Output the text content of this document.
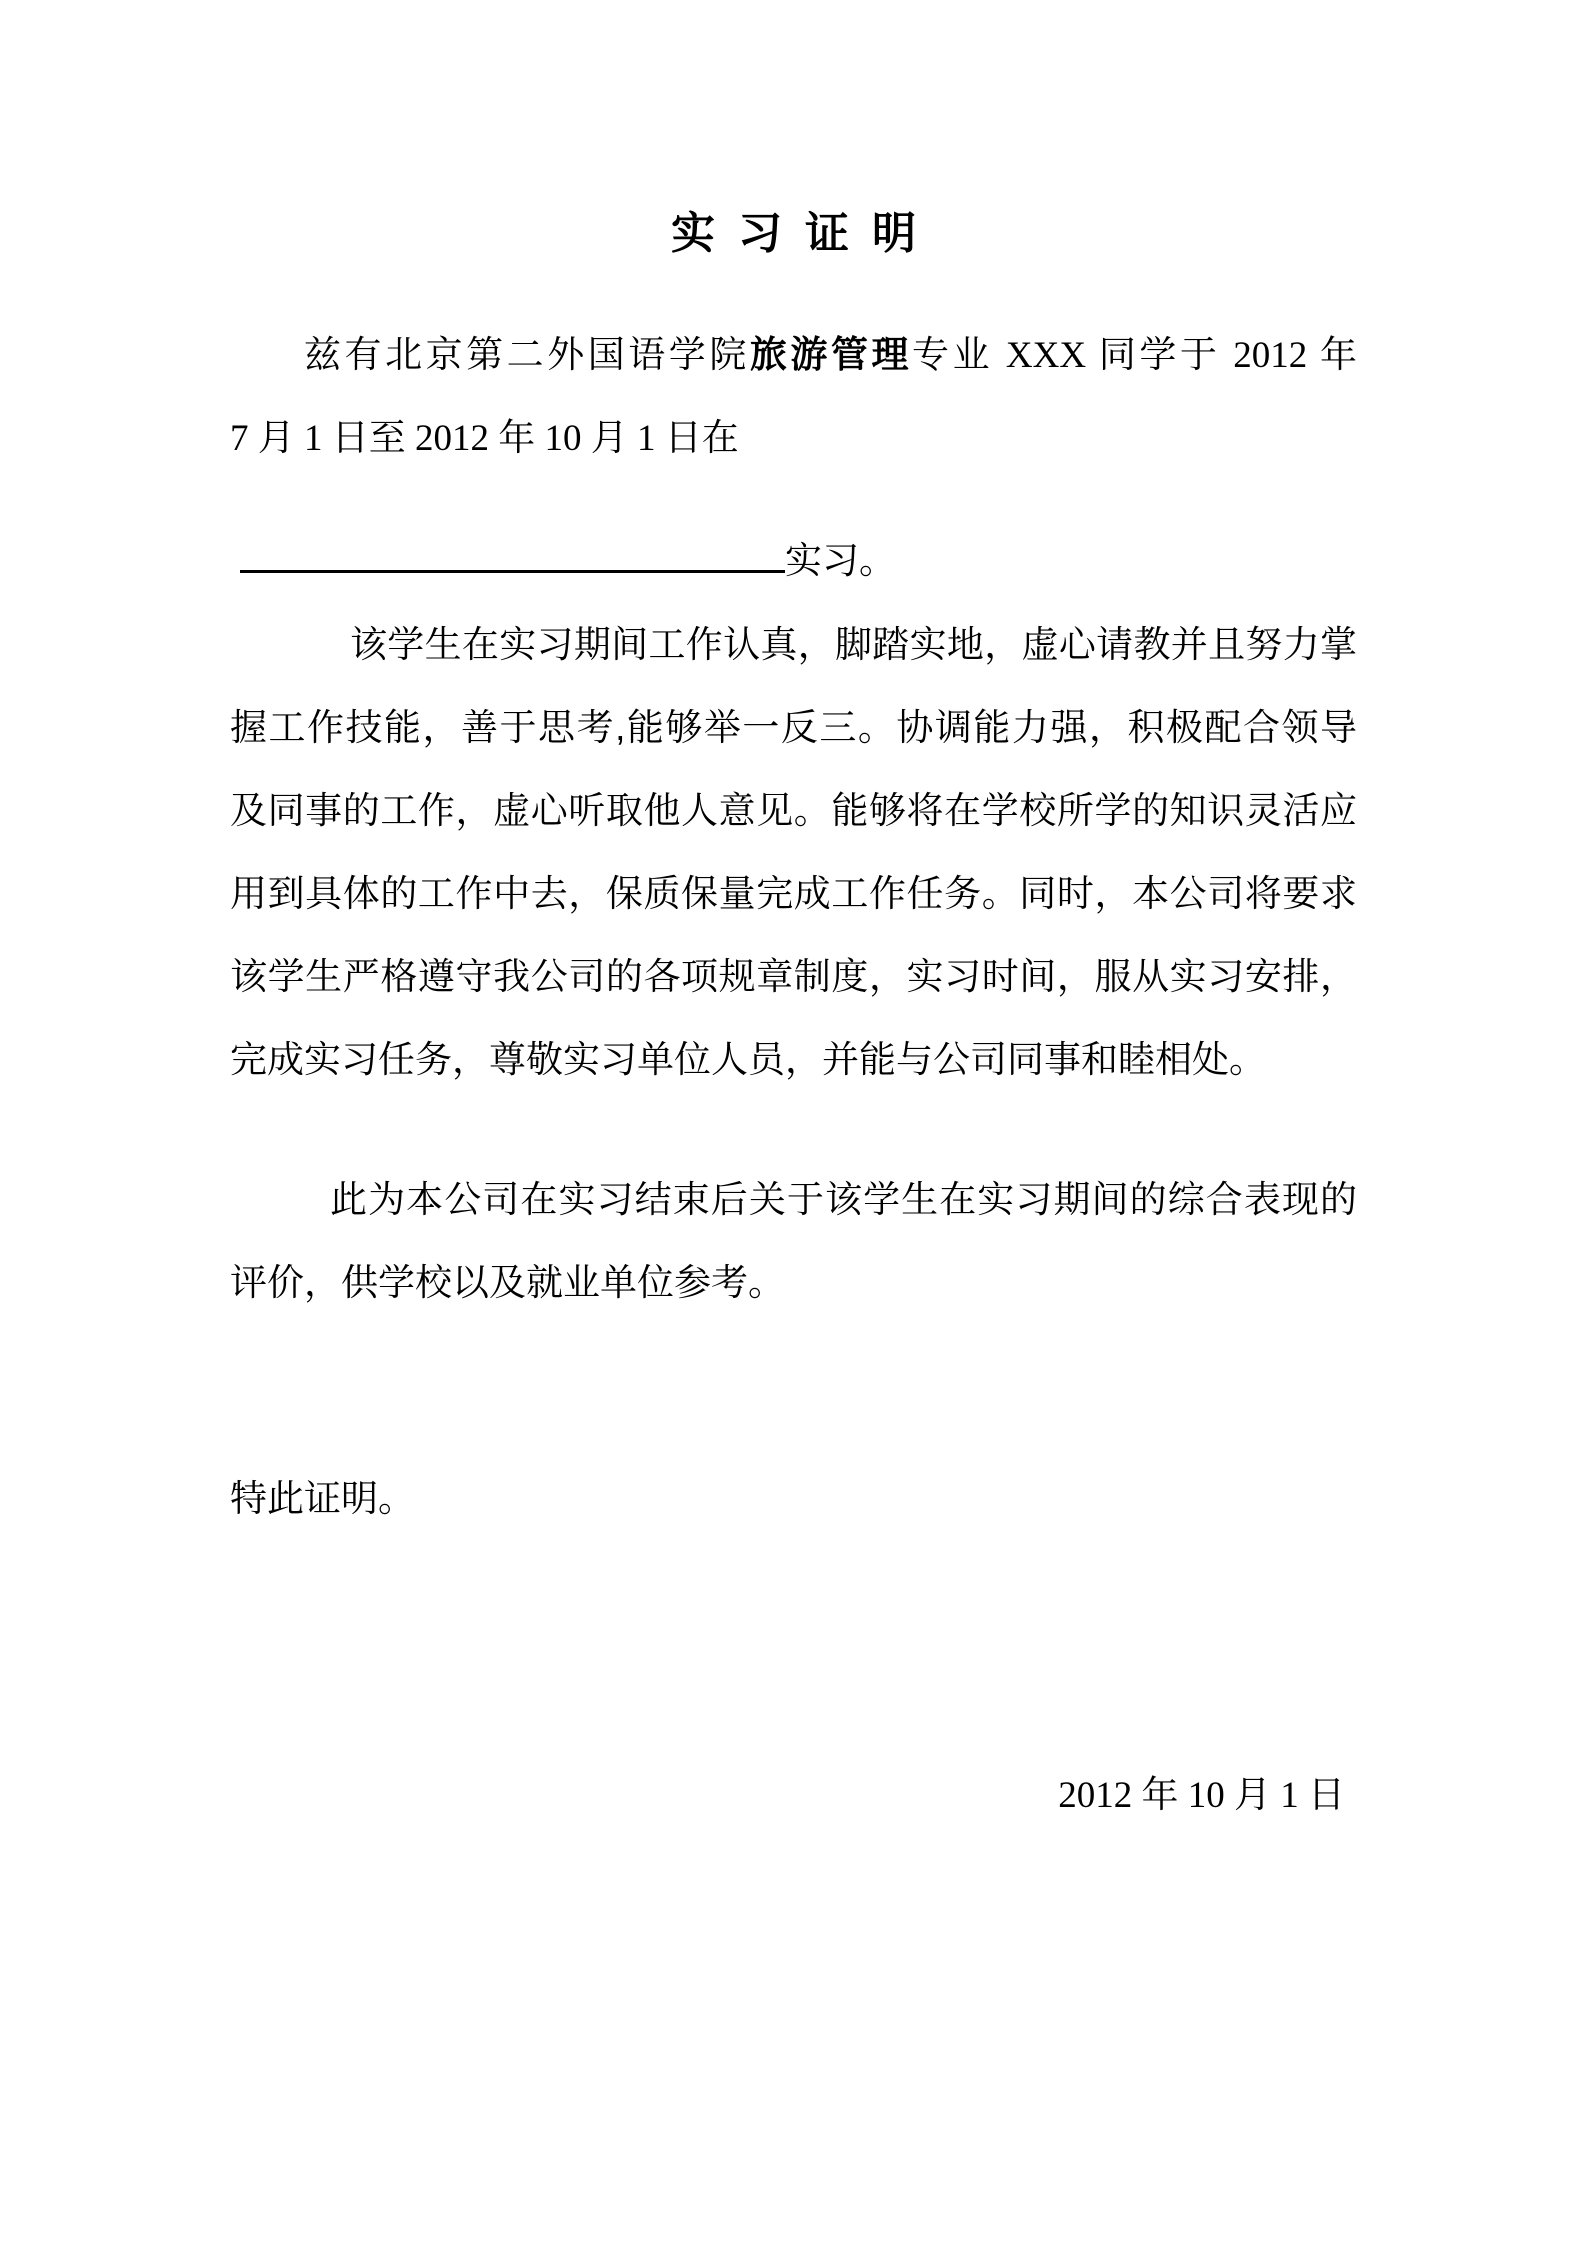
实 习 证 明
兹有北京第二外国语学院旅游管理专业 XXX 同学于 2012 年
7 月 1 日至 2012 年 10 月 1 日在
实习。
该学生在实习期间工作认真，脚踏实地，虚心请教并且努力掌
握工作技能，善于思考,能够举一反三。协调能力强，积极配合领导
及同事的工作，虚心听取他人意见。能够将在学校所学的知识灵活应
用到具体的工作中去，保质保量完成工作任务。同时，本公司将要求
该学生严格遵守我公司的各项规章制度，实习时间，服从实习安排，
完成实习任务，尊敬实习单位人员，并能与公司同事和睦相处。
此为本公司在实习结束后关于该学生在实习期间的综合表现的
评价，供学校以及就业单位参考。
特此证明。
2012 年 10 月 1 日
